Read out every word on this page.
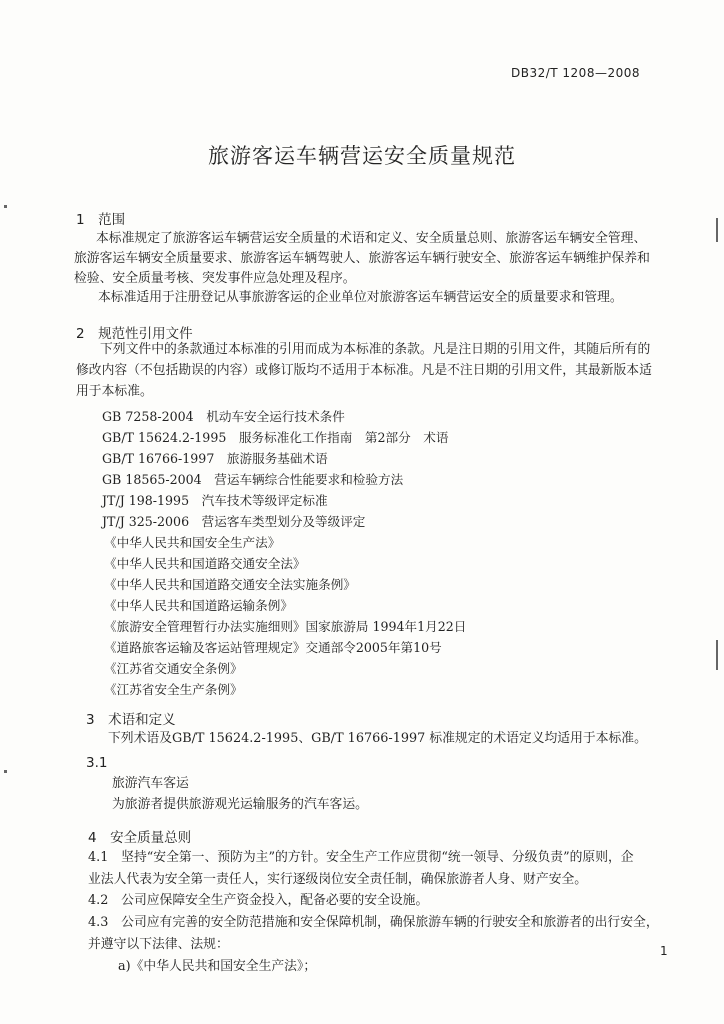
DB32/T 1208—2008
旅游客运车辆营运安全质量规范
1　范围
本标准规定了旅游客运车辆营运安全质量的术语和定义、安全质量总则、旅游客运车辆安全管理、
旅游客运车辆安全质量要求、旅游客运车辆驾驶人、旅游客运车辆行驶安全、旅游客运车辆维护保养和
检验、安全质量考核、突发事件应急处理及程序。
本标准适用于注册登记从事旅游客运的企业单位对旅游客运车辆营运安全的质量要求和管理。
2　规范性引用文件
下列文件中的条款通过本标准的引用而成为本标准的条款。凡是注日期的引用文件，其随后所有的
修改内容（不包括勘误的内容）或修订版均不适用于本标准。凡是不注日期的引用文件，其最新版本适
用于本标准。
GB 7258-2004　机动车安全运行技术条件
GB/T 15624.2-1995　服务标准化工作指南　第2部分　术语
GB/T 16766-1997　旅游服务基础术语
GB 18565-2004　营运车辆综合性能要求和检验方法
JT/J 198-1995　汽车技术等级评定标准
JT/J 325-2006　营运客车类型划分及等级评定
《中华人民共和国安全生产法》
《中华人民共和国道路交通安全法》
《中华人民共和国道路交通安全法实施条例》
《中华人民共和国道路运输条例》
《旅游安全管理暂行办法实施细则》国家旅游局 1994年1月22日
《道路旅客运输及客运站管理规定》交通部令2005年第10号
《江苏省交通安全条例》
《江苏省安全生产条例》
3　术语和定义
下列术语及GB/T 15624.2-1995、GB/T 16766-1997 标准规定的术语定义均适用于本标准。
3.1
旅游汽车客运
为旅游者提供旅游观光运输服务的汽车客运。
4　安全质量总则
4.1　坚持“安全第一、预防为主”的方针。安全生产工作应贯彻“统一领导、分级负责”的原则，企
业法人代表为安全第一责任人，实行逐级岗位安全责任制，确保旅游者人身、财产安全。
4.2　公司应保障安全生产资金投入，配备必要的安全设施。
4.3　公司应有完善的安全防范措施和安全保障机制，确保旅游车辆的行驶安全和旅游者的出行安全，
并遵守以下法律、法规：
a)《中华人民共和国安全生产法》；
1
